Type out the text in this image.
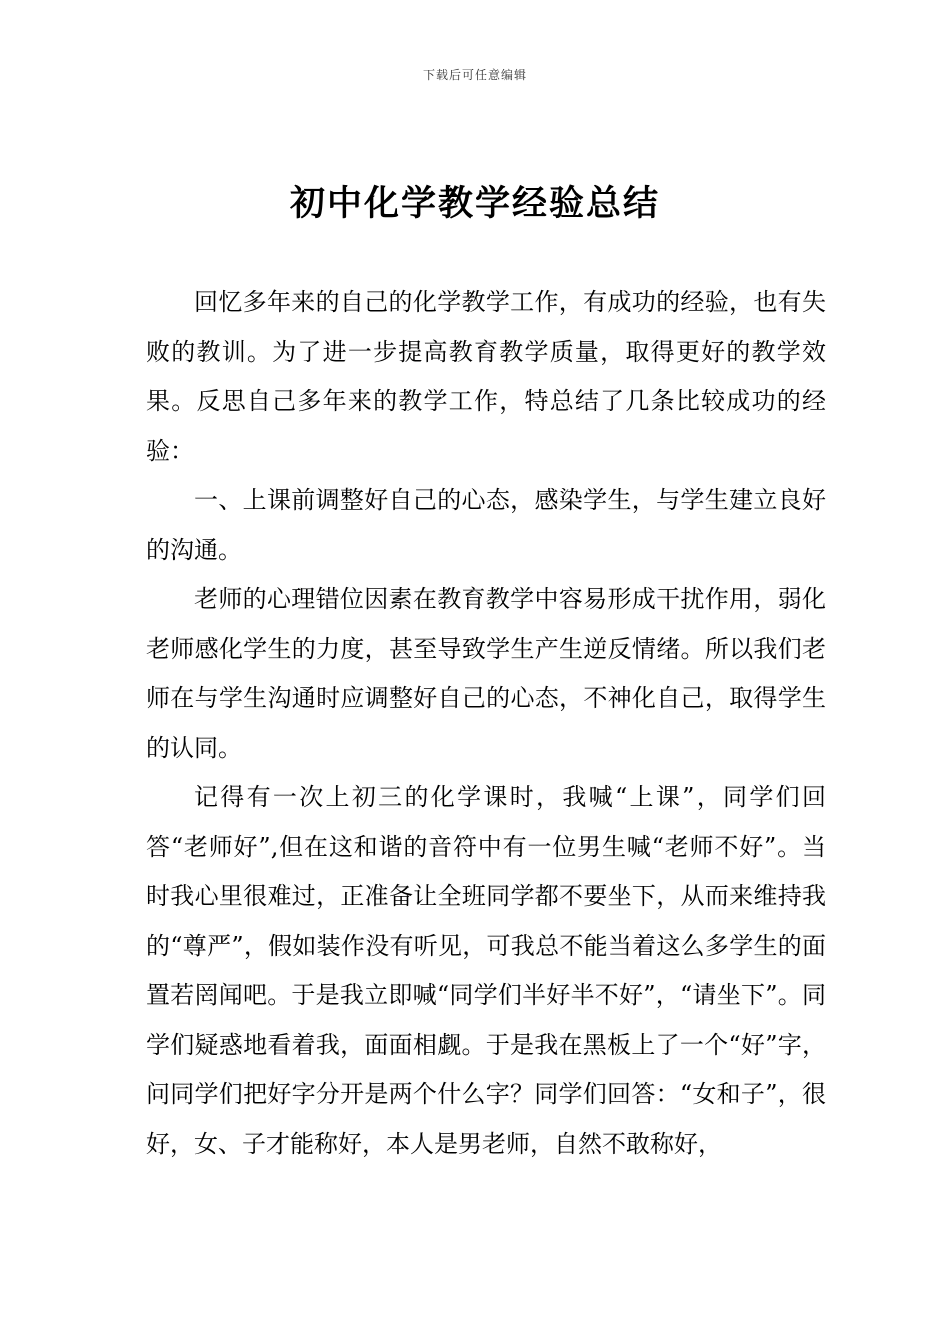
下载后可任意编辑
初中化学教学经验总结

回忆多年来的自己的化学教学工作，有成功的经验，也有失败的教训。为了进一步提高教育教学质量，取得更好的教学效果。反思自己多年来的教学工作，特总结了几条比较成功的经验：

一、上课前调整好自己的心态，感染学生，与学生建立良好的沟通。

老师的心理错位因素在教育教学中容易形成干扰作用，弱化老师感化学生的力度，甚至导致学生产生逆反情绪。所以我们老师在与学生沟通时应调整好自己的心态，不神化自己，取得学生的认同。

记得有一次上初三的化学课时，我喊“上课”，同学们回答“老师好”,但在这和谐的音符中有一位男生喊“老师不好”。当时我心里很难过，正准备让全班同学都不要坐下，从而来维持我的“尊严”，假如装作没有听见，可我总不能当着这么多学生的面置若罔闻吧。于是我立即喊“同学们半好半不好”，“请坐下”。同学们疑惑地看着我，面面相觑。于是我在黑板上了一个“好”字，问同学们把好字分开是两个什么字？同学们回答：“女和子”，很好，女、子才能称好，本人是男老师，自然不敢称好，
